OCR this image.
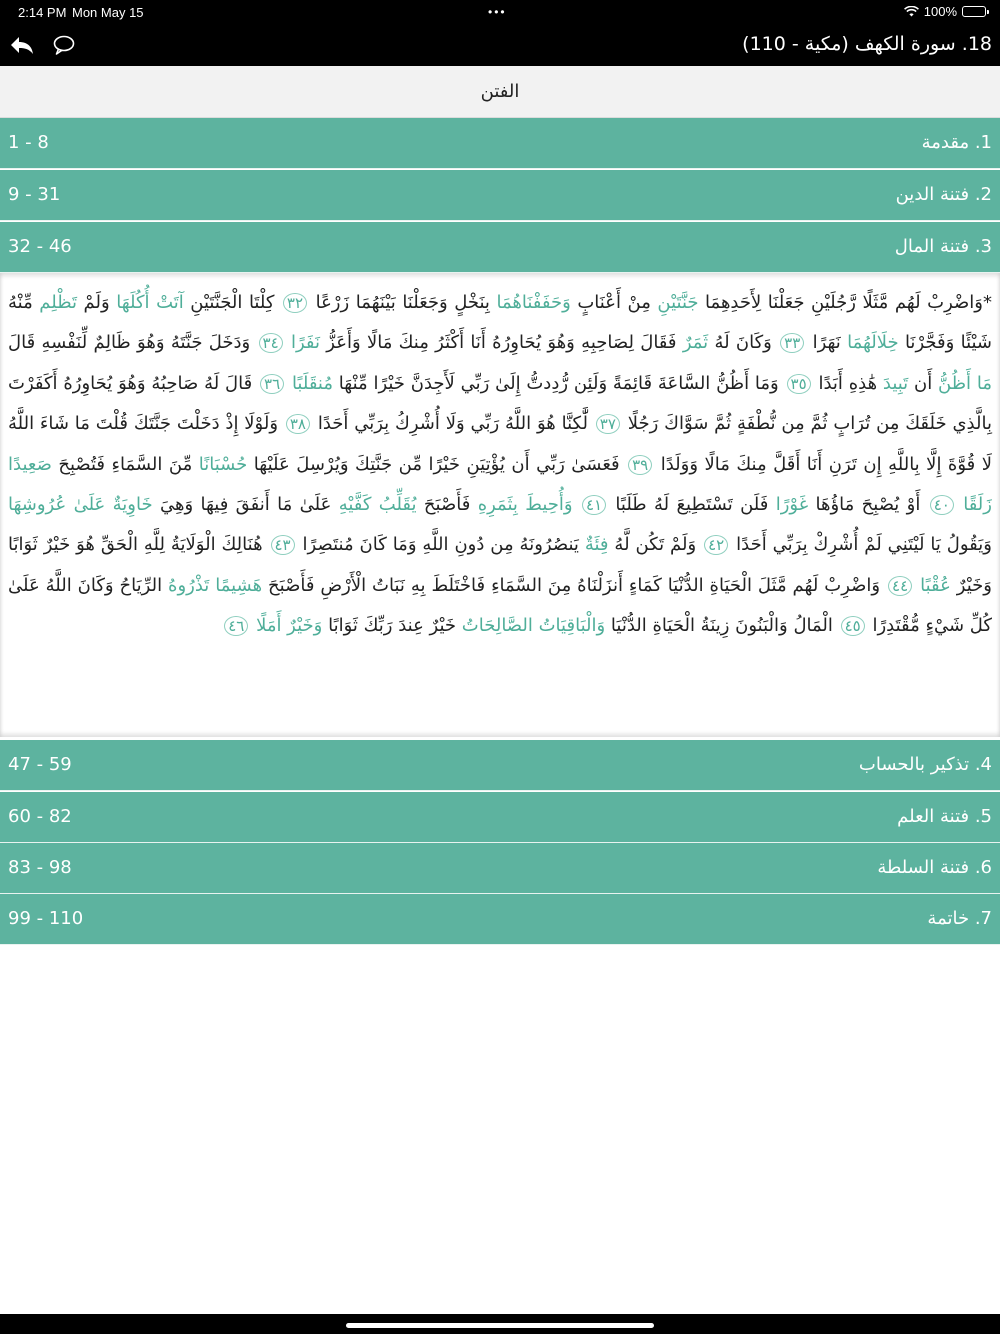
2:14 PM Mon May 15	•••	100%
18. سورة الكهف (مكية - 110)
الفتن
1. مقدمة
1 - 8
2. فتنة الدين
9 - 31
3. فتنة المال
32 - 46
*وَاضْرِبْ لَهُم مَّثَلًا رَّجُلَيْنِ جَعَلْنَا لِأَحَدِهِمَا جَنَّتَيْنِ مِنْ أَعْنَابٍ وَحَفَفْنَاهُمَا بِنَخْلٍ وَجَعَلْنَا بَيْنَهُمَا زَرْعًا ٣٢ كِلْتَا الْجَنَّتَيْنِ آتَتْ أُكُلَهَا وَلَمْ تَظْلِم مِّنْهُ شَيْئًا وَفَجَّرْنَا خِلَالَهُمَا نَهَرًا ٣٣ وَكَانَ لَهُ ثَمَرٌ فَقَالَ لِصَاحِبِهِ وَهُوَ يُحَاوِرُهُ أَنَا أَكْثَرُ مِنكَ مَالًا وَأَعَزُّ نَفَرًا ٣٤ وَدَخَلَ جَنَّتَهُ وَهُوَ ظَالِمٌ لِّنَفْسِهِ قَالَ مَا أَظُنُّ أَن تَبِيدَ هَٰذِهِ أَبَدًا ٣٥ وَمَا أَظُنُّ السَّاعَةَ قَائِمَةً وَلَئِن رُّدِدتُّ إِلَىٰ رَبِّي لَأَجِدَنَّ خَيْرًا مِّنْهَا مُنقَلَبًا ٣٦ قَالَ لَهُ صَاحِبُهُ وَهُوَ يُحَاوِرُهُ أَكَفَرْتَ بِالَّذِي خَلَقَكَ مِن تُرَابٍ ثُمَّ مِن نُّطْفَةٍ ثُمَّ سَوَّاكَ رَجُلًا ٣٧ لَّٰكِنَّا هُوَ اللَّهُ رَبِّي وَلَا أُشْرِكُ بِرَبِّي أَحَدًا ٣٨ وَلَوْلَا إِذْ دَخَلْتَ جَنَّتَكَ قُلْتَ مَا شَاءَ اللَّهُ لَا قُوَّةَ إِلَّا بِاللَّهِ إِن تَرَنِ أَنَا أَقَلَّ مِنكَ مَالًا وَوَلَدًا ٣٩ فَعَسَىٰ رَبِّي أَن يُؤْتِيَنِ خَيْرًا مِّن جَنَّتِكَ وَيُرْسِلَ عَلَيْهَا حُسْبَانًا مِّنَ السَّمَاءِ فَتُصْبِحَ صَعِيدًا زَلَقًا ٤٠ أَوْ يُصْبِحَ مَاؤُهَا غَوْرًا فَلَن تَسْتَطِيعَ لَهُ طَلَبًا ٤١ وَأُحِيطَ بِثَمَرِهِ فَأَصْبَحَ يُقَلِّبُ كَفَّيْهِ عَلَىٰ مَا أَنفَقَ فِيهَا وَهِيَ خَاوِيَةٌ عَلَىٰ عُرُوشِهَا وَيَقُولُ يَا لَيْتَنِي لَمْ أُشْرِكْ بِرَبِّي أَحَدًا ٤٢ وَلَمْ تَكُن لَّهُ فِئَةٌ يَنصُرُونَهُ مِن دُونِ اللَّهِ وَمَا كَانَ مُنتَصِرًا ٤٣ هُنَالِكَ الْوَلَايَةُ لِلَّهِ الْحَقِّ هُوَ خَيْرٌ ثَوَابًا وَخَيْرٌ عُقْبًا ٤٤ وَاضْرِبْ لَهُم مَّثَلَ الْحَيَاةِ الدُّنْيَا كَمَاءٍ أَنزَلْنَاهُ مِنَ السَّمَاءِ فَاخْتَلَطَ بِهِ نَبَاتُ الْأَرْضِ فَأَصْبَحَ هَشِيمًا تَذْرُوهُ الرِّيَاحُ وَكَانَ اللَّهُ عَلَىٰ كُلِّ شَيْءٍ مُّقْتَدِرًا ٤٥ الْمَالُ وَالْبَنُونَ زِينَةُ الْحَيَاةِ الدُّنْيَا وَالْبَاقِيَاتُ الصَّالِحَاتُ خَيْرٌ عِندَ رَبِّكَ ثَوَابًا وَخَيْرٌ أَمَلًا ٤٦
4. تذكير بالحساب
47 - 59
5. فتنة العلم
60 - 82
6. فتنة السلطة
83 - 98
7. خاتمة
99 - 110
